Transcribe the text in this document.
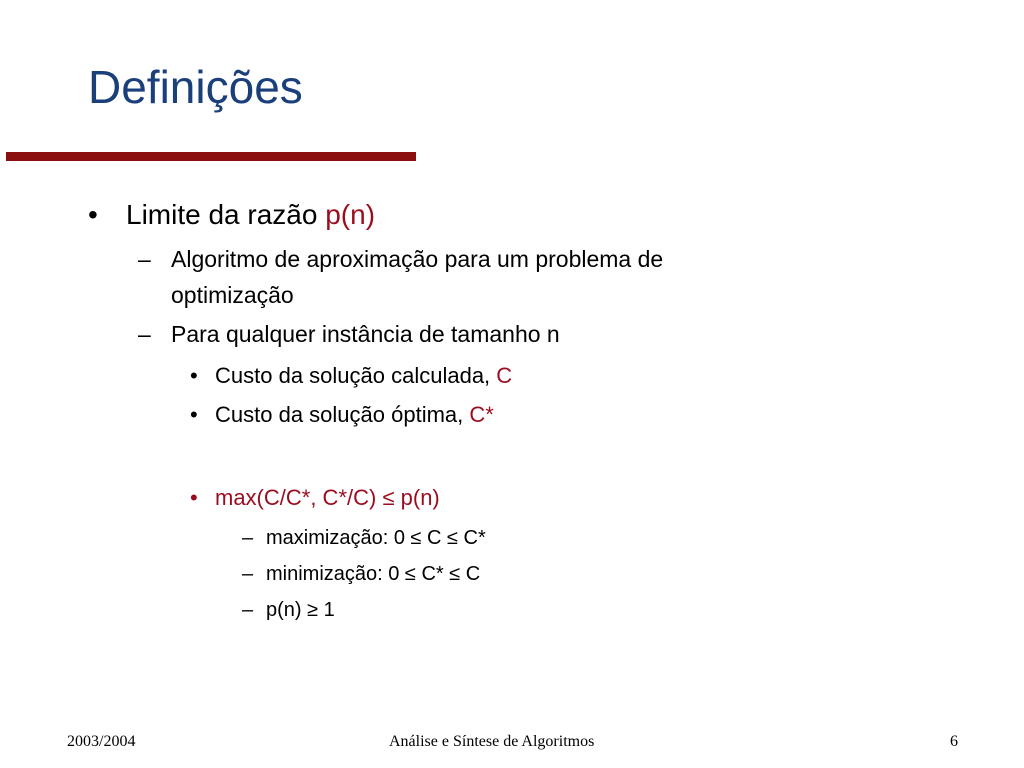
Definições
• Limite da razão p(n)
– Algoritmo de aproximação para um problema de
optimização
– Para qualquer instância de tamanho n
• Custo da solução calculada, C
• Custo da solução óptima, C*
• max(C/C*, C*/C) ≤ p(n)
– maximização: 0 ≤ C ≤ C*
– minimização: 0 ≤ C* ≤ C
– p(n) ≥ 1
2003/2004	Análise e Síntese de Algoritmos	6
